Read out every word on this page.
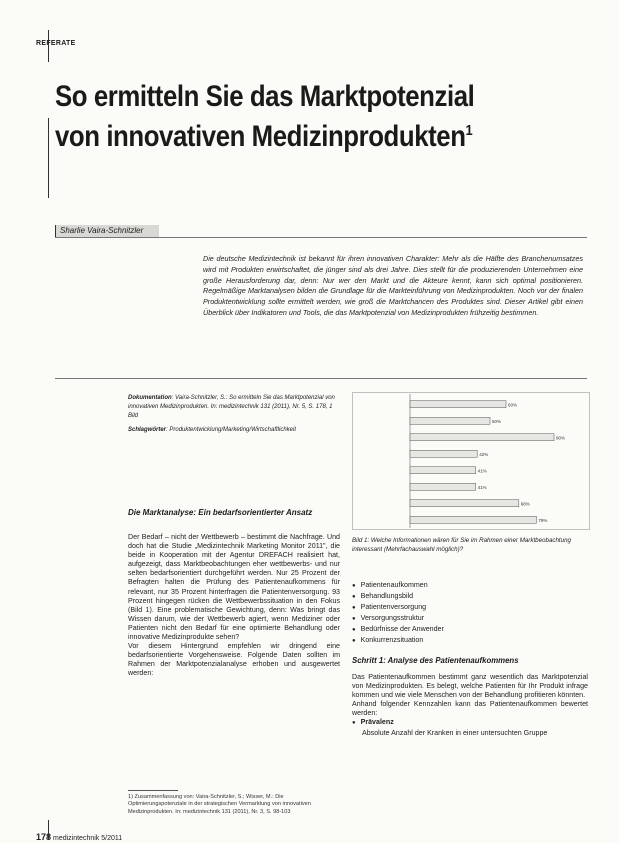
REFERATE
So ermitteln Sie das Marktpotenzial von innovativen Medizinprodukten$^1$
Sharlie Vaira-Schnitzler
Die deutsche Medizintechnik ist bekannt für ihren innovativen Charakter: Mehr als die Hälfte des Branchenumsatzes wird mit Produkten erwirtschaftet, die jünger sind als drei Jahre. Dies stellt für die produzierenden Unternehmen eine große Herausforderung dar, denn: Nur wer den Markt und die Akteure kennt, kann sich optimal positionieren. Regelmäßige Marktanalysen bilden die Grundlage für die Markteinführung von Medizinprodukten. Noch vor der finalen Produktentwicklung sollte ermittelt werden, wie groß die Marktchancen des Produktes sind. Dieser Artikel gibt einen Überblick über Indikatoren und Tools, die das Marktpotenzial von Medizinprodukten frühzeitig bestimmen.
Dokumentation: Vaira-Schnitzler, S.: So ermitteln Sie das Marktpotenzial von innovativen Medizinprodukten. In: medizintechnik 131 (2011), Nr. 5, S. 178, 1 Bild
Schlagwörter: Produktentwicklung/Marketing/Wirtschaftlichkeit
60%
50%
90%
42%
41%
41%
68%
79%
Bild 1: Welche Informationen wären für Sie im Rahmen einer Marktbeobachtung interessant (Mehrfachauswahl möglich)?
Die Marktanalyse: Ein bedarfsorientierter Ansatz

Der Bedarf – nicht der Wettbewerb – bestimmt die Nachfrage. Und doch hat die Studie „Medizintechnik Marketing Monitor 2011", die beide in Kooperation mit der Agentur DREFACH realisiert hat, aufgezeigt, dass Marktbeobachtungen eher wettbewerbs- und nur selten bedarfsorientiert durchgeführt werden. Nur 25 Prozent der Befragten halten die Prüfung des Patientenaufkommens für relevant, nur 35 Prozent hinterfragen die Patientenversorgung. 93 Prozent hingegen rücken die Wettbewerbssituation in den Fokus (Bild 1). Eine problematische Gewichtung, denn: Was bringt das Wissen darum, wie der Wettbewerb agiert, wenn Mediziner oder Patienten nicht den Bedarf für eine optimierte Behandlung oder innovative Medizinprodukte sehen?

Vor diesem Hintergrund empfehlen wir dringend eine bedarfsorientierte Vorgehensweise. Folgende Daten sollten im Rahmen der Marktpotenzialanalyse erhoben und ausgewertet werden:

1) Zusammenfassung von: Vaira-Schnitzler, S.; Wisser, M.: Die Optimierungspotenziale in der strategischen Vermarktung von innovativen Medizinprodukten. In: medizintechnik 131 (2011), Nr. 3, S. 98-103
● Patientenaufkommen
● Behandlungsbild
● Patientenversorgung
● Versorgungsstruktur
● Bedürfnisse der Anwender
● Konkurrenzsituation
Schritt 1: Analyse des Patientenaufkommens

Das Patientenaufkommen bestimmt ganz wesentlich das Marktpotenzial von Medizinprodukten. Es belegt, welche Patienten für Ihr Produkt infrage kommen und wie viele Menschen von der Behandlung profitieren könnten.

Anhand folgender Kennzahlen kann das Patientenaufkommen bewertet werden:

● Prävalenz
Absolute Anzahl der Kranken in einer untersuchten Gruppe
178 medizintechnik 5/2011
